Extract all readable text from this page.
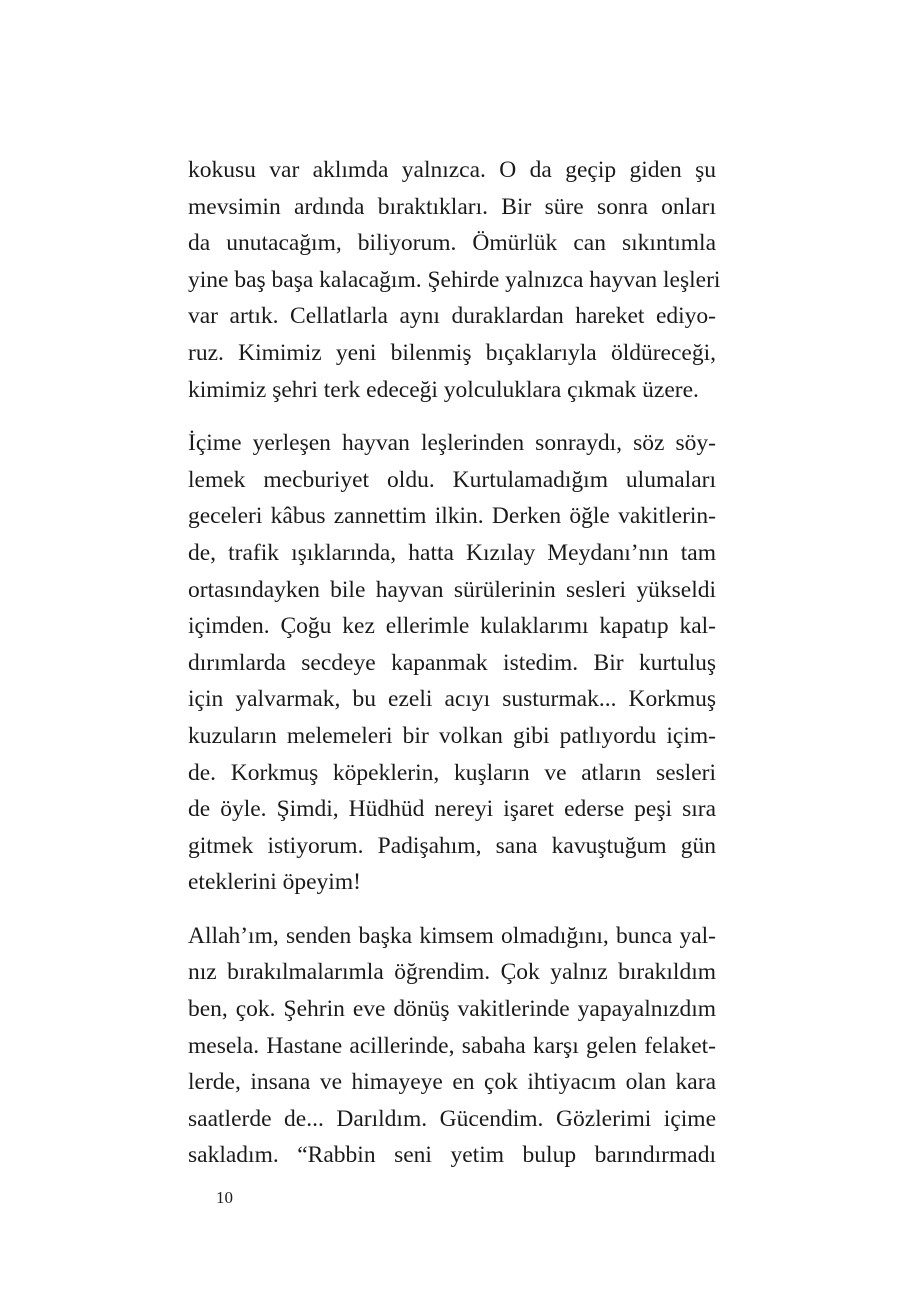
kokusu var aklımda yalnızca. O da geçip giden şu
mevsimin ardında bıraktıkları. Bir süre sonra onları
da unutacağım, biliyorum. Ömürlük can sıkıntımla
yine baş başa kalacağım. Şehirde yalnızca hayvan leşleri
var artık. Cellatlarla aynı duraklardan hareket ediyo-
ruz. Kimimiz yeni bilenmiş bıçaklarıyla öldüreceği,
kimimiz şehri terk edeceği yolculuklara çıkmak üzere.

İçime yerleşen hayvan leşlerinden sonraydı, söz söy-
lemek mecburiyet oldu. Kurtulamadığım ulumaları
geceleri kâbus zannettim ilkin. Derken öğle vakitlerin-
de, trafik ışıklarında, hatta Kızılay Meydanı’nın tam
ortasındayken bile hayvan sürülerinin sesleri yükseldi
içimden. Çoğu kez ellerimle kulaklarımı kapatıp kal-
dırımlarda secdeye kapanmak istedim. Bir kurtuluş
için yalvarmak, bu ezeli acıyı susturmak... Korkmuş
kuzuların melemeleri bir volkan gibi patlıyordu içim-
de. Korkmuş köpeklerin, kuşların ve atların sesleri
de öyle. Şimdi, Hüdhüd nereyi işaret ederse peşi sıra
gitmek istiyorum. Padişahım, sana kavuştuğum gün
eteklerini öpeyim!

Allah’ım, senden başka kimsem olmadığını, bunca yal-
nız bırakılmalarımla öğrendim. Çok yalnız bırakıldım
ben, çok. Şehrin eve dönüş vakitlerinde yapayalnızdım
mesela. Hastane acillerinde, sabaha karşı gelen felaket-
lerde, insana ve himayeye en çok ihtiyacım olan kara
saatlerde de... Darıldım. Gücendim. Gözlerimi içime
sakladım. “Rabbin seni yetim bulup barındırmadı

10
